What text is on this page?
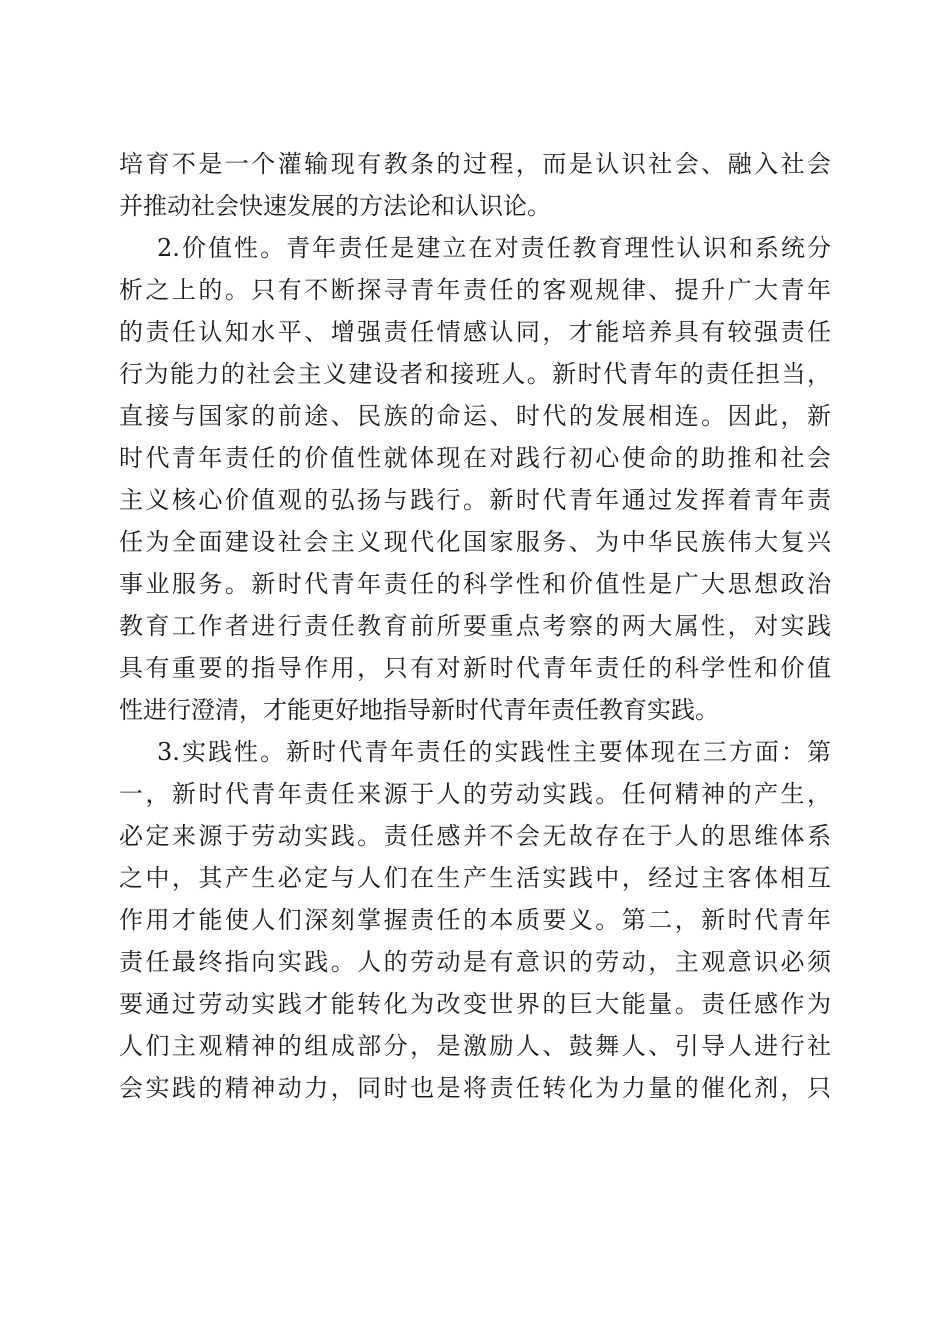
培育不是一个灌输现有教条的过程，而是认识社会、融入社会
并推动社会快速发展的方法论和认识论。
2.价值性。青年责任是建立在对责任教育理性认识和系统分
析之上的。只有不断探寻青年责任的客观规律、提升广大青年
的责任认知水平、增强责任情感认同，才能培养具有较强责任
行为能力的社会主义建设者和接班人。新时代青年的责任担当，
直接与国家的前途、民族的命运、时代的发展相连。因此，新
时代青年责任的价值性就体现在对践行初心使命的助推和社会
主义核心价值观的弘扬与践行。新时代青年通过发挥着青年责
任为全面建设社会主义现代化国家服务、为中华民族伟大复兴
事业服务。新时代青年责任的科学性和价值性是广大思想政治
教育工作者进行责任教育前所要重点考察的两大属性，对实践
具有重要的指导作用，只有对新时代青年责任的科学性和价值
性进行澄清，才能更好地指导新时代青年责任教育实践。
3.实践性。新时代青年责任的实践性主要体现在三方面：第
一，新时代青年责任来源于人的劳动实践。任何精神的产生，
必定来源于劳动实践。责任感并不会无故存在于人的思维体系
之中，其产生必定与人们在生产生活实践中，经过主客体相互
作用才能使人们深刻掌握责任的本质要义。第二，新时代青年
责任最终指向实践。人的劳动是有意识的劳动，主观意识必须
要通过劳动实践才能转化为改变世界的巨大能量。责任感作为
人们主观精神的组成部分，是激励人、鼓舞人、引导人进行社
会实践的精神动力，同时也是将责任转化为力量的催化剂，只
